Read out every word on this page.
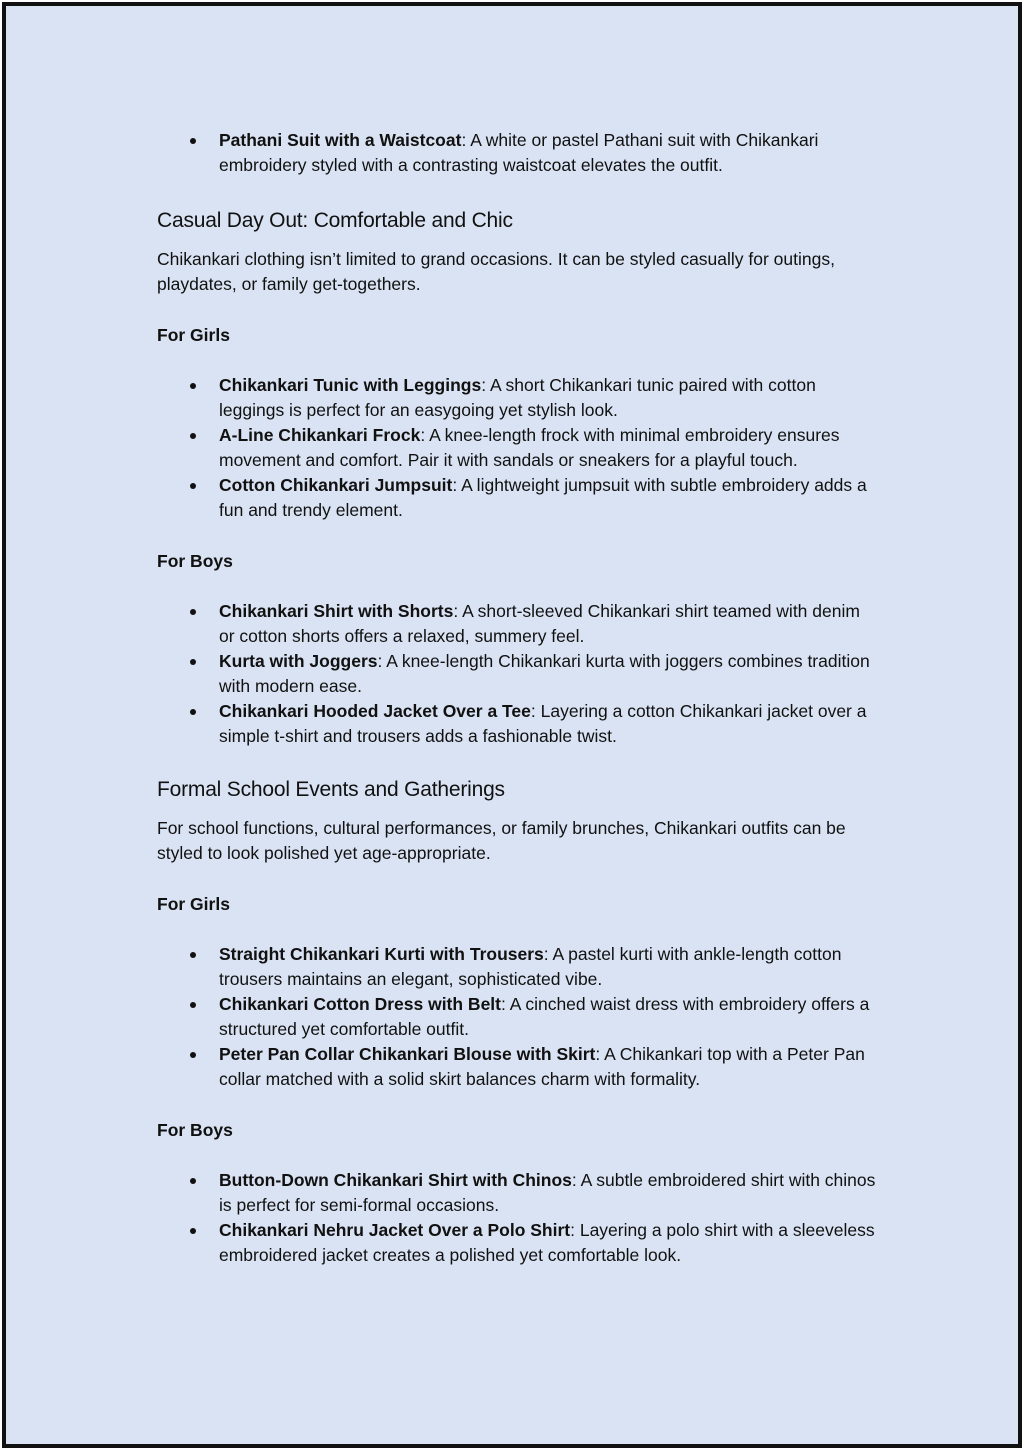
Pathani Suit with a Waistcoat: A white or pastel Pathani suit with Chikankari embroidery styled with a contrasting waistcoat elevates the outfit.
Casual Day Out: Comfortable and Chic

Chikankari clothing isn’t limited to grand occasions. It can be styled casually for outings, playdates, or family get-togethers.

For Girls

Chikankari Tunic with Leggings: A short Chikankari tunic paired with cotton leggings is perfect for an easygoing yet stylish look.
A-Line Chikankari Frock: A knee-length frock with minimal embroidery ensures movement and comfort. Pair it with sandals or sneakers for a playful touch.
Cotton Chikankari Jumpsuit: A lightweight jumpsuit with subtle embroidery adds a fun and trendy element.

For Boys

Chikankari Shirt with Shorts: A short-sleeved Chikankari shirt teamed with denim or cotton shorts offers a relaxed, summery feel.
Kurta with Joggers: A knee-length Chikankari kurta with joggers combines tradition with modern ease.
Chikankari Hooded Jacket Over a Tee: Layering a cotton Chikankari jacket over a simple t-shirt and trousers adds a fashionable twist.
Formal School Events and Gatherings

For school functions, cultural performances, or family brunches, Chikankari outfits can be styled to look polished yet age-appropriate.

For Girls

Straight Chikankari Kurti with Trousers: A pastel kurti with ankle-length cotton trousers maintains an elegant, sophisticated vibe.
Chikankari Cotton Dress with Belt: A cinched waist dress with embroidery offers a structured yet comfortable outfit.
Peter Pan Collar Chikankari Blouse with Skirt: A Chikankari top with a Peter Pan collar matched with a solid skirt balances charm with formality.

For Boys

Button-Down Chikankari Shirt with Chinos: A subtle embroidered shirt with chinos is perfect for semi-formal occasions.
Chikankari Nehru Jacket Over a Polo Shirt: Layering a polo shirt with a sleeveless embroidered jacket creates a polished yet comfortable look.
